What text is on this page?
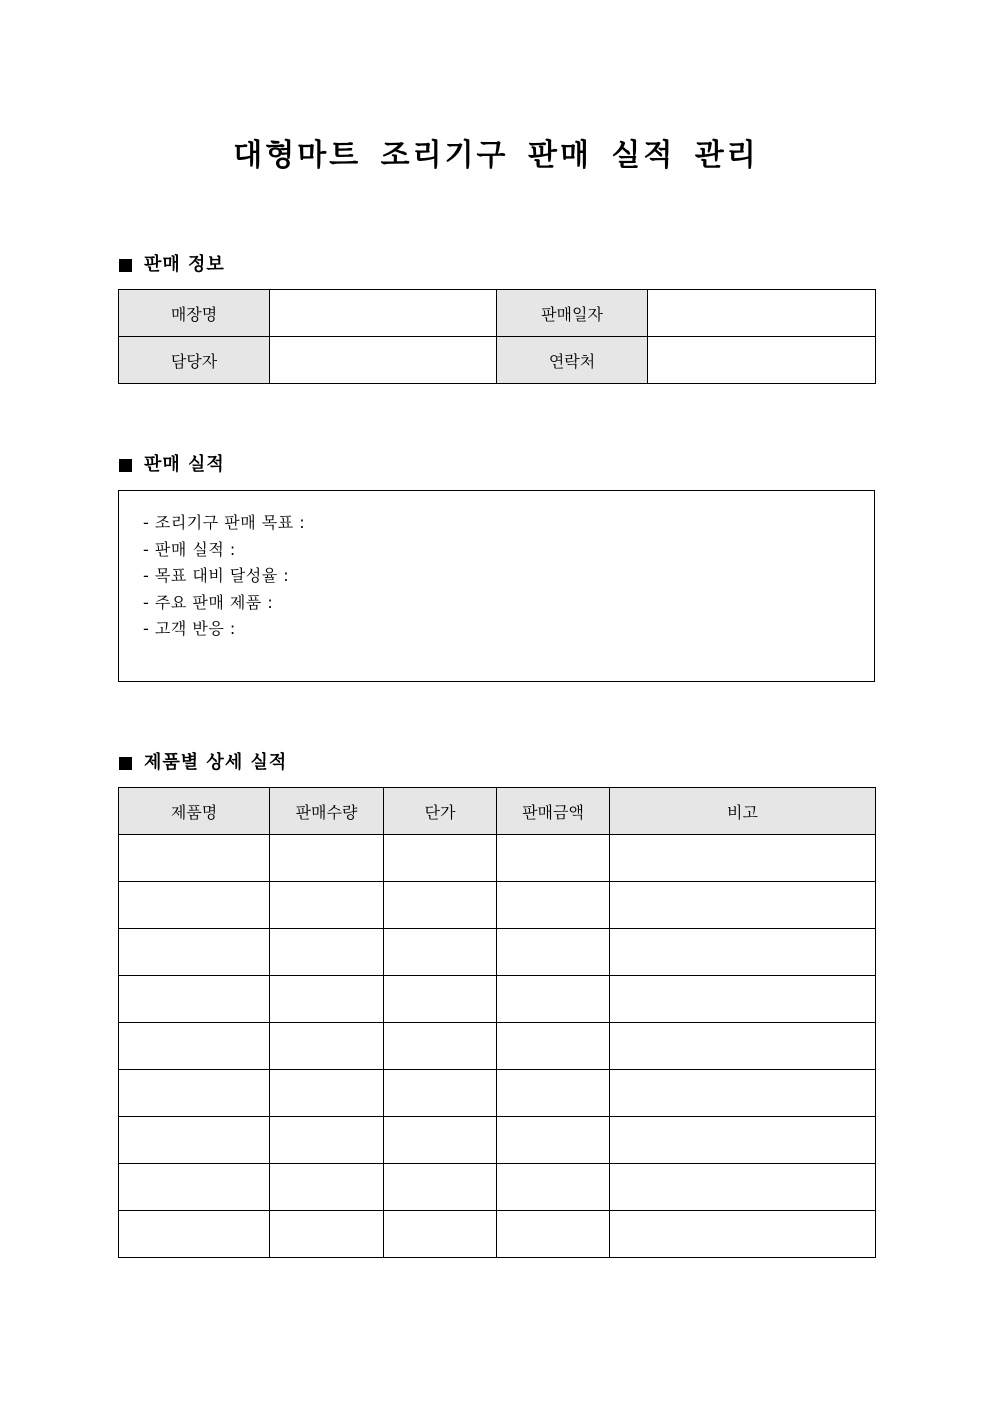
대형마트 조리기구 판매 실적 관리
판매 정보
매장명		판매일자	
담당자		연락처	
판매 실적
- 조리기구 판매 목표 :
- 판매 실적 :
- 목표 대비 달성율 :
- 주요 판매 제품 :
- 고객 반응 :
제품별 상세 실적
제품명	판매수량	단가	판매금액	비고
